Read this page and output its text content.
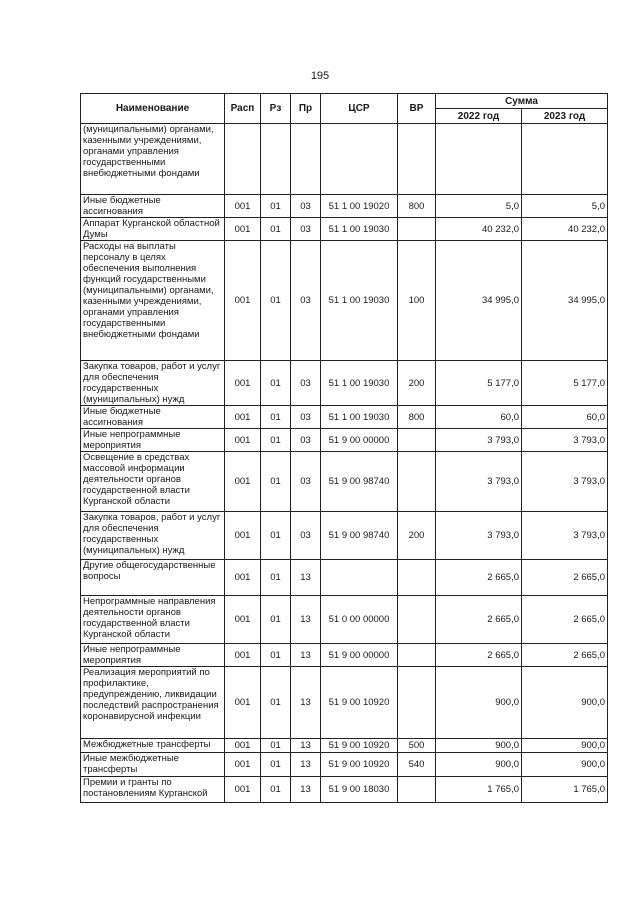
195
Наименование	Расп	Рз	Пр	ЦСР	ВР	Сумма	
						2022 год	2023 год
(муниципальными) органами, казенными учреждениями, органами управления государственными внебюджетными фондами							
Иные бюджетные ассигнования	001	01	03	51 1 00 19020	800	5,0	5,0
Аппарат Курганской областной Думы	001	01	03	51 1 00 19030		40 232,0	40 232,0
Расходы на выплаты персоналу в целях обеспечения выполнения функций государственными (муниципальными) органами, казенными учреждениями, органами управления государственными внебюджетными фондами	001	01	03	51 1 00 19030	100	34 995,0	34 995,0
Закупка товаров, работ и услуг для обеспечения государственных (муниципальных) нужд	001	01	03	51 1 00 19030	200	5 177,0	5 177,0
Иные бюджетные ассигнования	001	01	03	51 1 00 19030	800	60,0	60,0
Иные непрограммные мероприятия	001	01	03	51 9 00 00000		3 793,0	3 793,0
Освещение в средствах массовой информации деятельности органов государственной власти Курганской области	001	01	03	51 9 00 98740		3 793,0	3 793,0
Закупка товаров, работ и услуг для обеспечения государственных (муниципальных) нужд	001	01	03	51 9 00 98740	200	3 793,0	3 793,0
Другие общегосударственные вопросы	001	01	13			2 665,0	2 665,0
Непрограммные направления деятельности органов государственной власти Курганской области	001	01	13	51 0 00 00000		2 665,0	2 665,0
Иные непрограммные мероприятия	001	01	13	51 9 00 00000		2 665,0	2 665,0
Реализация мероприятий по профилактике, предупреждению, ликвидации последствий распространения коронавирусной инфекции	001	01	13	51 9 00 10920		900,0	900,0
Межбюджетные трансферты	001	01	13	51 9 00 10920	500	900,0	900,0
Иные межбюджетные трансферты	001	01	13	51 9 00 10920	540	900,0	900,0
Премии и гранты по постановлениям Курганской	001	01	13	51 9 00 18030		1 765,0	1 765,0
